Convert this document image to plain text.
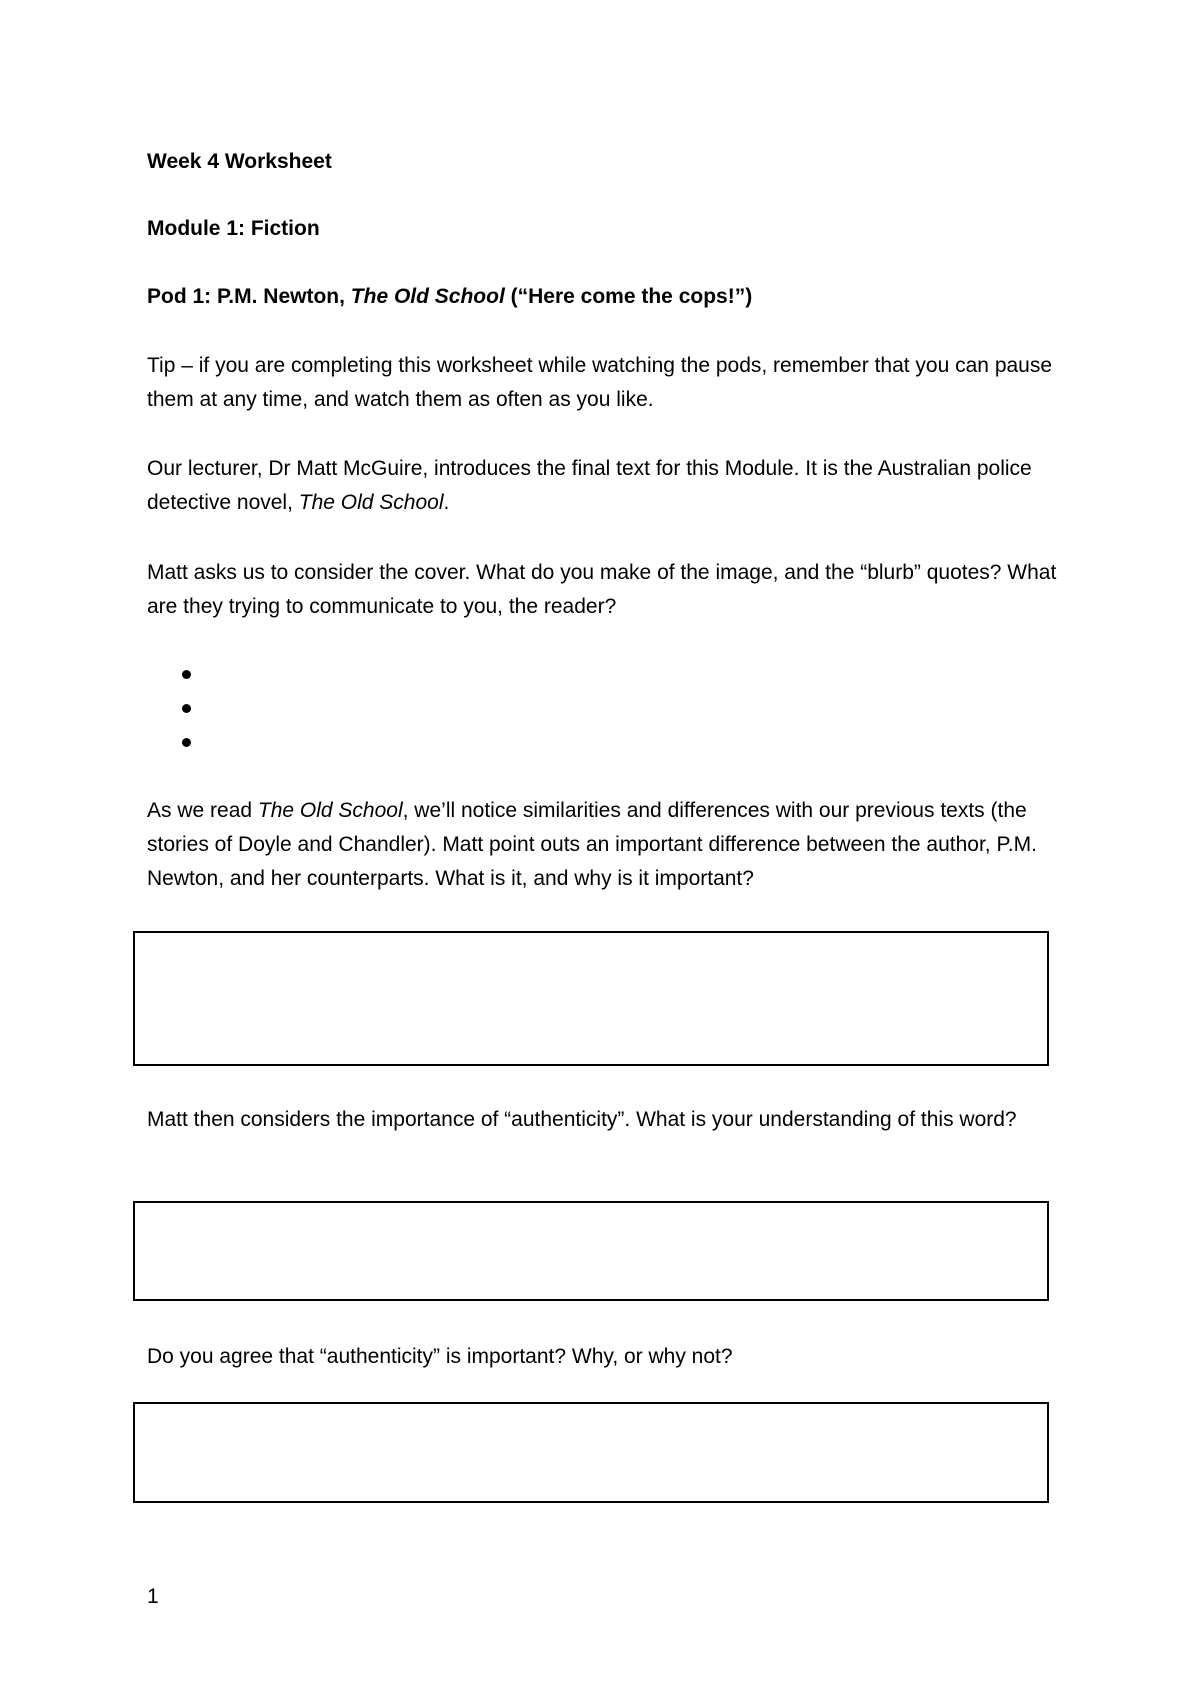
Week 4 Worksheet

Module 1: Fiction

Pod 1: P.M. Newton, The Old School (“Here come the cops!”)

Tip – if you are completing this worksheet while watching the pods, remember that you can pause them at any time, and watch them as often as you like.

Our lecturer, Dr Matt McGuire, introduces the final text for this Module. It is the Australian police detective novel, The Old School.

Matt asks us to consider the cover. What do you make of the image, and the “blurb” quotes? What are they trying to communicate to you, the reader?

As we read The Old School, we’ll notice similarities and differences with our previous texts (the stories of Doyle and Chandler). Matt point outs an important difference between the author, P.M. Newton, and her counterparts. What is it, and why is it important?

Matt then considers the importance of “authenticity”. What is your understanding of this word?

Do you agree that “authenticity” is important? Why, or why not?

1
